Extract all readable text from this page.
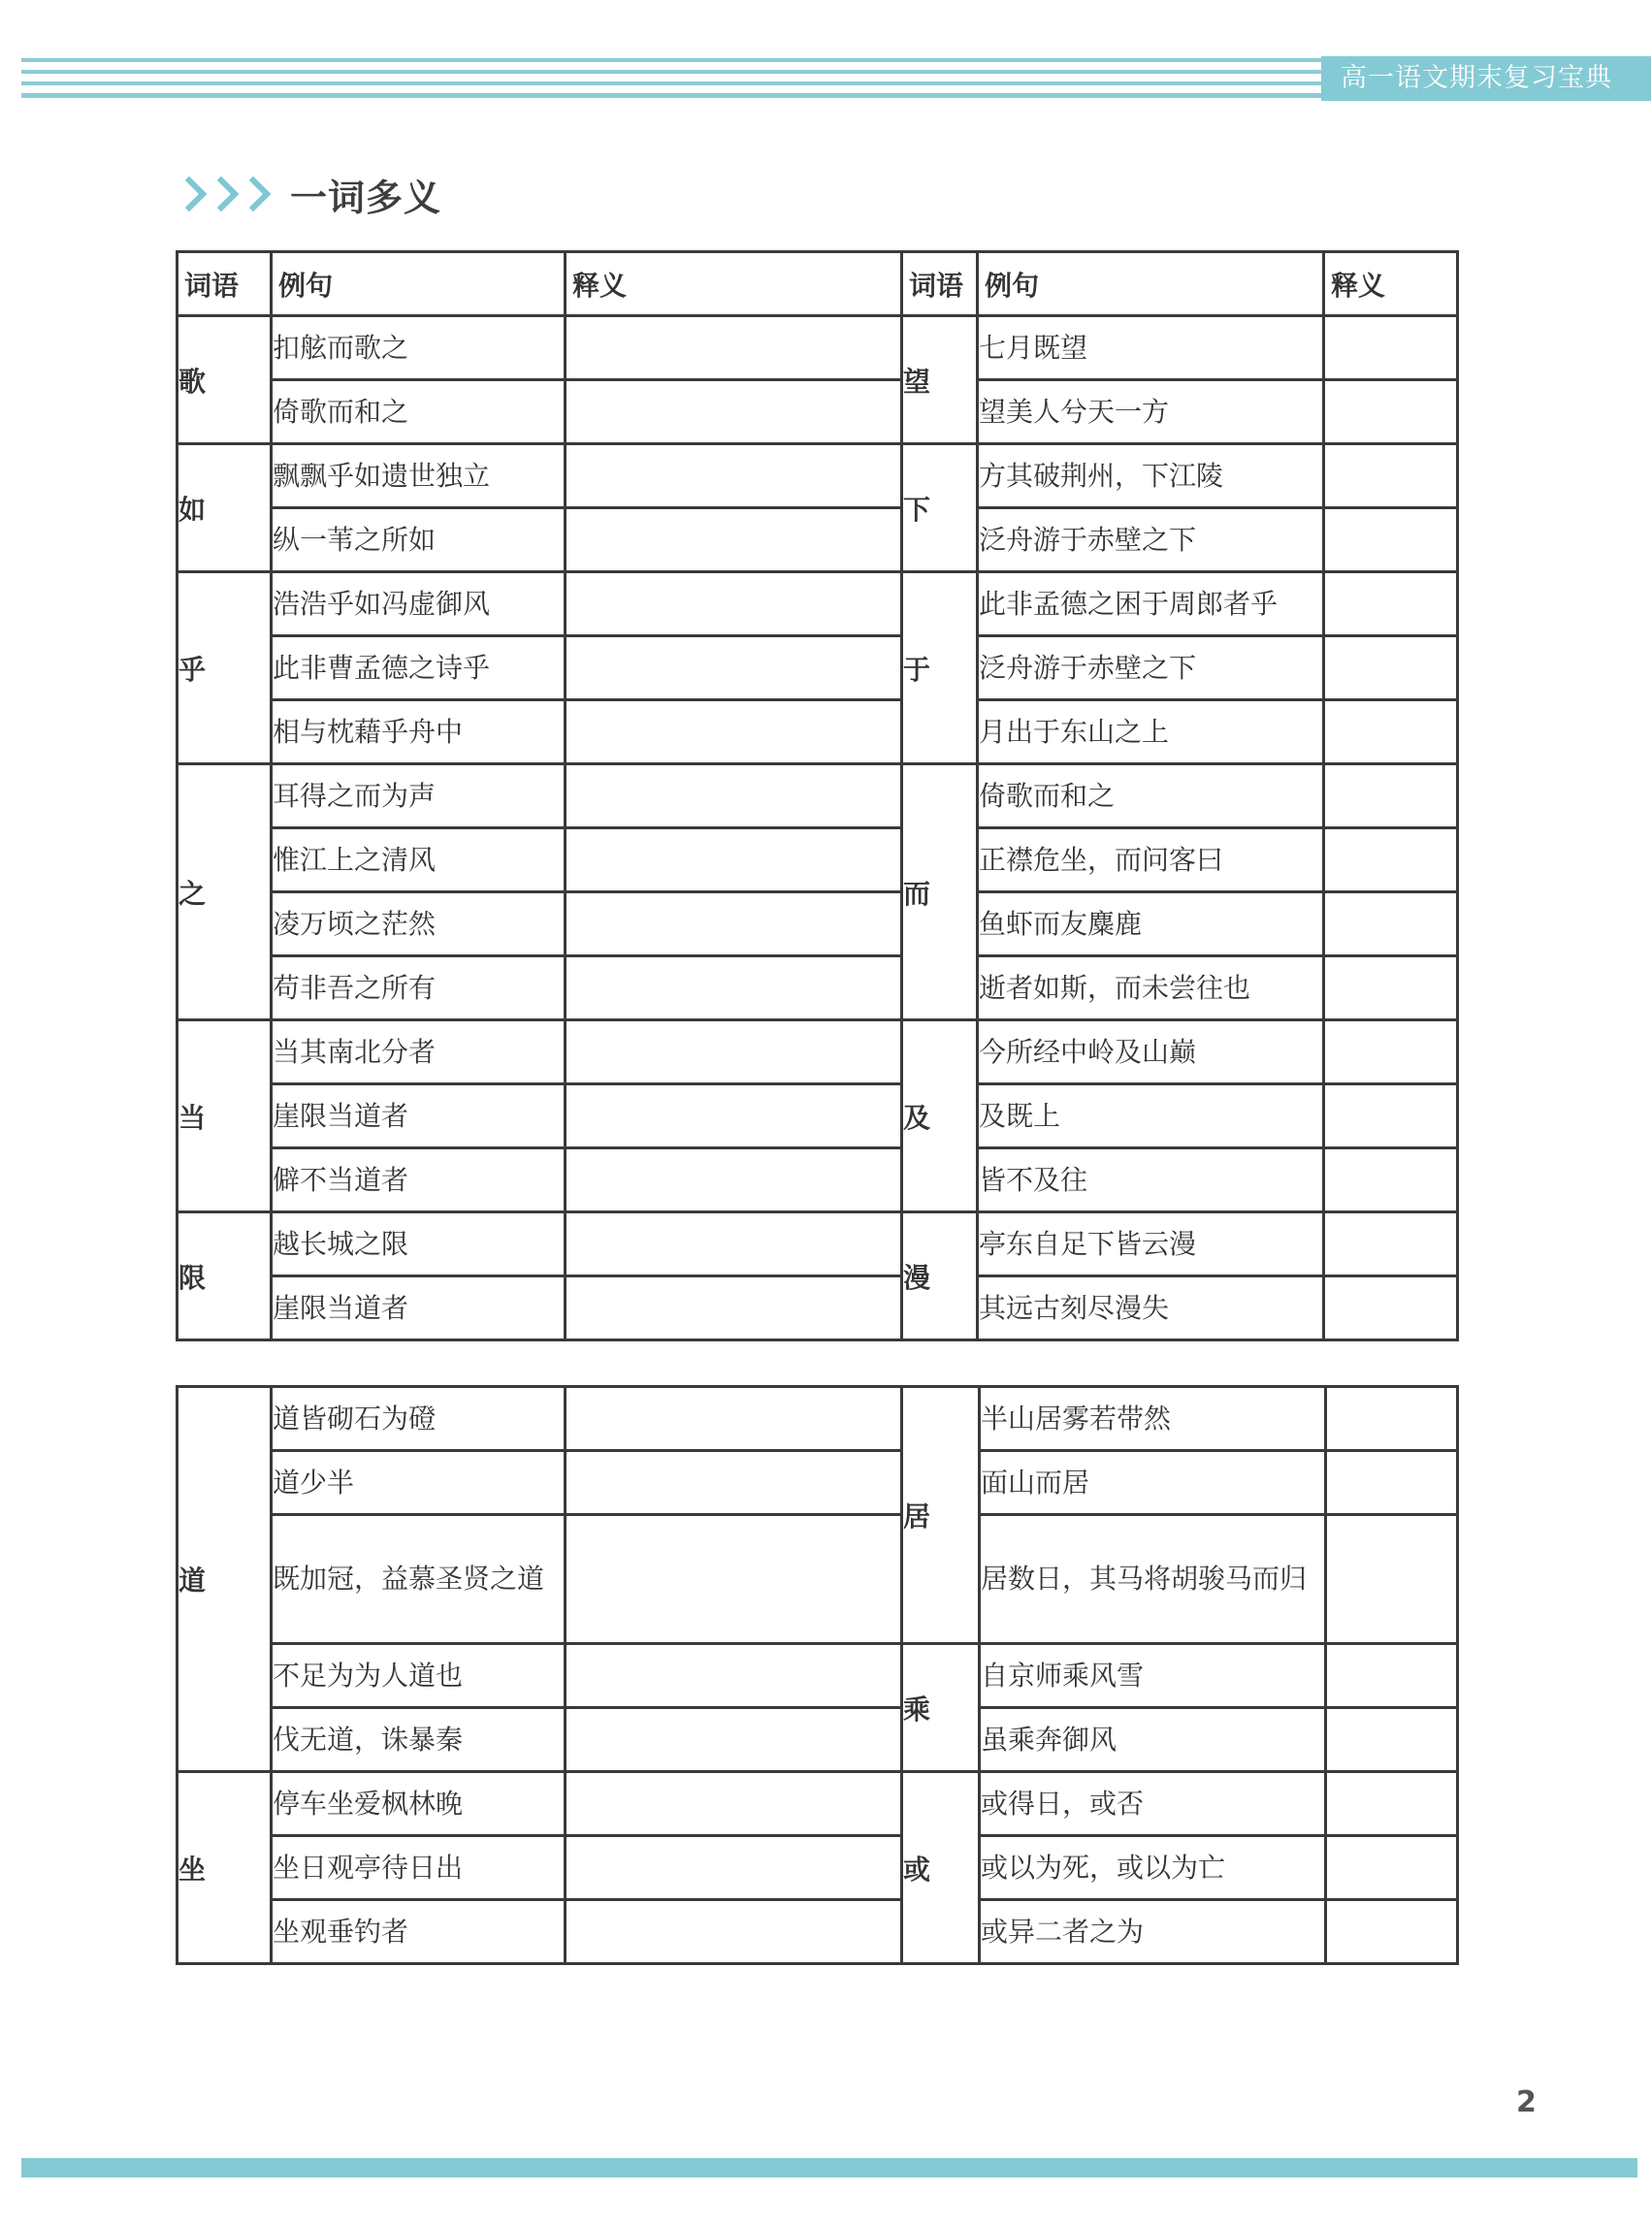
高一语文期末复习宝典
一词多义
词语	例句	释义	词语	例句	释义
歌	扣舷而歌之		望	七月既望	
	倚歌而和之			望美人兮天一方	
如	飘飘乎如遗世独立		下	方其破荆州，下江陵	
	纵一苇之所如			泛舟游于赤壁之下	
乎	浩浩乎如冯虚御风		于	此非孟德之困于周郎者乎	
	此非曹孟德之诗乎			泛舟游于赤壁之下	
	相与枕藉乎舟中			月出于东山之上	
之	耳得之而为声		而	倚歌而和之	
	惟江上之清风			正襟危坐，而问客曰	
	凌万顷之茫然			鱼虾而友麋鹿	
	苟非吾之所有			逝者如斯，而未尝往也	
当	当其南北分者		及	今所经中岭及山巅	
	崖限当道者			及既上	
	僻不当道者			皆不及往	
限	越长城之限		漫	亭东自足下皆云漫	
	崖限当道者			其远古刻尽漫失	
道	道皆砌石为磴		居	半山居雾若带然	
	道少半			面山而居	
	既加冠，益慕圣贤之道			居数日，其马将胡骏马而归	
	不足为为人道也		乘	自京师乘风雪	
	伐无道，诛暴秦			虽乘奔御风	
坐	停车坐爱枫林晚		或	或得日，或否	
	坐日观亭待日出			或以为死，或以为亡	
	坐观垂钓者			或异二者之为	
2
